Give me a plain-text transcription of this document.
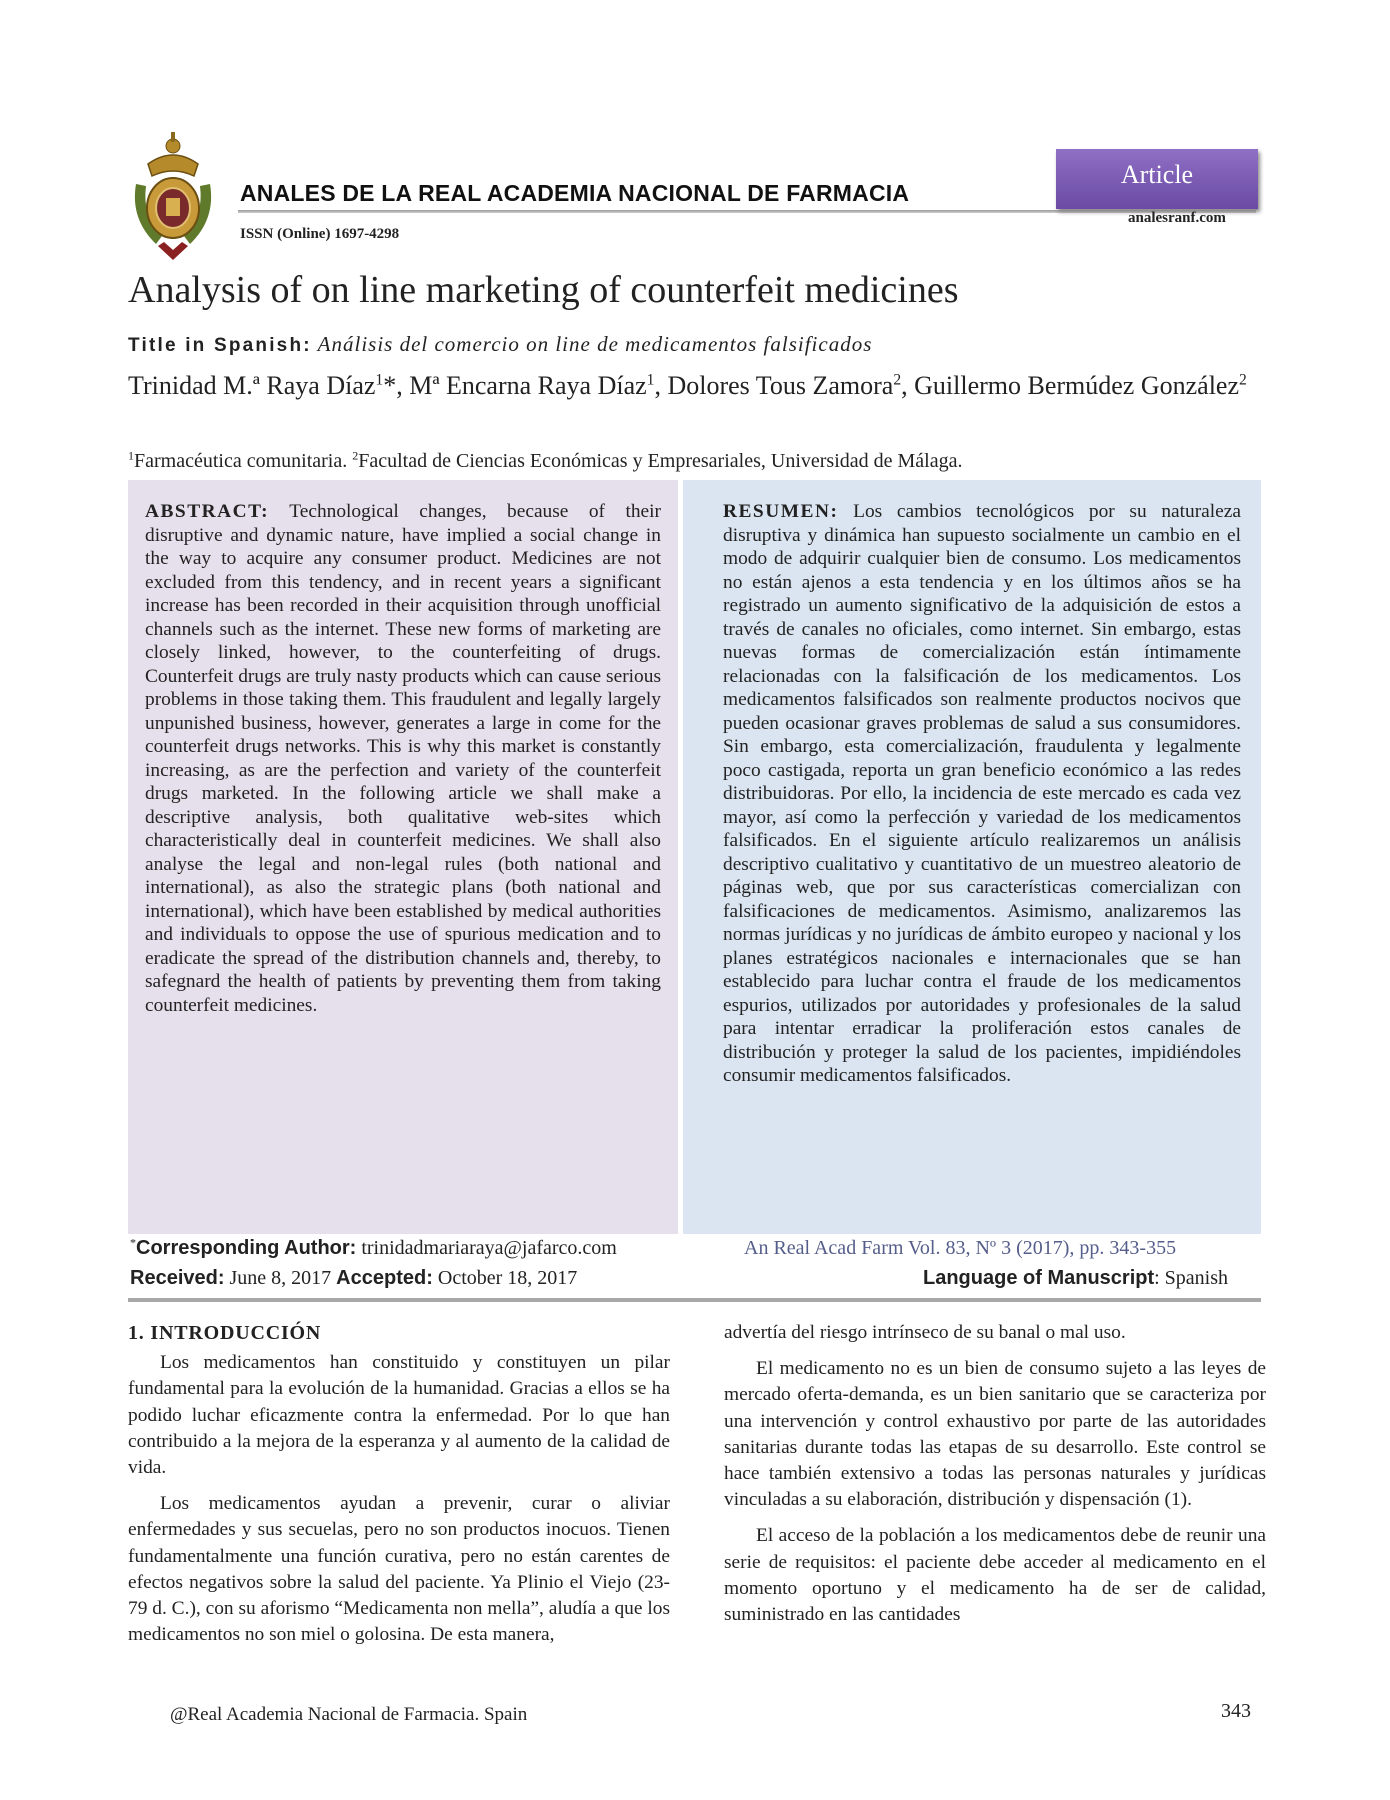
ANALES DE LA REAL ACADEMIA NACIONAL DE FARMACIA
ISSN (Online) 1697-4298
Article
analesranf.com
Analysis of on line marketing of counterfeit medicines
Title in Spanish: Análisis del comercio on line de medicamentos falsificados
Trinidad M.ª Raya Díaz$^1$*, Mª Encarna Raya Díaz$^1$, Dolores Tous Zamora$^2$, Guillermo Bermúdez González$^2$
$^1$Farmacéutica comunitaria. $^2$Facultad de Ciencias Económicas y Empresariales, Universidad de Málaga.
ABSTRACT: Technological changes, because of their disruptive and dynamic nature, have implied a social change in the way to acquire any consumer product. Medicines are not excluded from this tendency, and in recent years a significant increase has been recorded in their acquisition through unofficial channels such as the internet. These new forms of marketing are closely linked, however, to the counterfeiting of drugs. Counterfeit drugs are truly nasty products which can cause serious problems in those taking them. This fraudulent and legally largely unpunished business, however, generates a large in come for the counterfeit drugs networks. This is why this market is constantly increasing, as are the perfection and variety of the counterfeit drugs marketed. In the following article we shall make a descriptive analysis, both qualitative web-sites which characteristically deal in counterfeit medicines. We shall also analyse the legal and non-legal rules (both national and international), as also the strategic plans (both national and international), which have been established by medical authorities and individuals to oppose the use of spurious medication and to eradicate the spread of the distribution channels and, thereby, to safegnard the health of patients by preventing them from taking counterfeit medicines.
RESUMEN: Los cambios tecnológicos por su naturaleza disruptiva y dinámica han supuesto socialmente un cambio en el modo de adquirir cualquier bien de consumo. Los medicamentos no están ajenos a esta tendencia y en los últimos años se ha registrado un aumento significativo de la adquisición de estos a través de canales no oficiales, como internet. Sin embargo, estas nuevas formas de comercialización están íntimamente relacionadas con la falsificación de los medicamentos. Los medicamentos falsificados son realmente productos nocivos que pueden ocasionar graves problemas de salud a sus consumidores. Sin embargo, esta comercialización, fraudulenta y legalmente poco castigada, reporta un gran beneficio económico a las redes distribuidoras. Por ello, la incidencia de este mercado es cada vez mayor, así como la perfección y variedad de los medicamentos falsificados. En el siguiente artículo realizaremos un análisis descriptivo cualitativo y cuantitativo de un muestreo aleatorio de páginas web, que por sus características comercializan con falsificaciones de medicamentos. Asimismo, analizaremos las normas jurídicas y no jurídicas de ámbito europeo y nacional y los planes estratégicos nacionales e internacionales que se han establecido para luchar contra el fraude de los medicamentos espurios, utilizados por autoridades y profesionales de la salud para intentar erradicar la proliferación estos canales de distribución y proteger la salud de los pacientes, impidiéndoles consumir medicamentos falsificados.
*Corresponding Author: trinidadmariaraya@jafarco.com	An Real Acad Farm Vol. 83, Nº 3 (2017), pp. 343-355
Received: June 8, 2017 Accepted: October 18, 2017	Language of Manuscript: Spanish
1. INTRODUCCIÓN

Los medicamentos han constituido y constituyen un pilar fundamental para la evolución de la humanidad. Gracias a ellos se ha podido luchar eficazmente contra la enfermedad. Por lo que han contribuido a la mejora de la esperanza y al aumento de la calidad de vida.

Los medicamentos ayudan a prevenir, curar o aliviar enfermedades y sus secuelas, pero no son productos inocuos. Tienen fundamentalmente una función curativa, pero no están carentes de efectos negativos sobre la salud del paciente. Ya Plinio el Viejo (23-79 d. C.), con su aforismo “Medicamenta non mella”, aludía a que los medicamentos no son miel o golosina. De esta manera,

advertía del riesgo intrínseco de su banal o mal uso.

El medicamento no es un bien de consumo sujeto a las leyes de mercado oferta-demanda, es un bien sanitario que se caracteriza por una intervención y control exhaustivo por parte de las autoridades sanitarias durante todas las etapas de su desarrollo. Este control se hace también extensivo a todas las personas naturales y jurídicas vinculadas a su elaboración, distribución y dispensación (1).

El acceso de la población a los medicamentos debe de reunir una serie de requisitos: el paciente debe acceder al medicamento en el momento oportuno y el medicamento ha de ser de calidad, suministrado en las cantidades

@Real Academia Nacional de Farmacia. Spain	343
